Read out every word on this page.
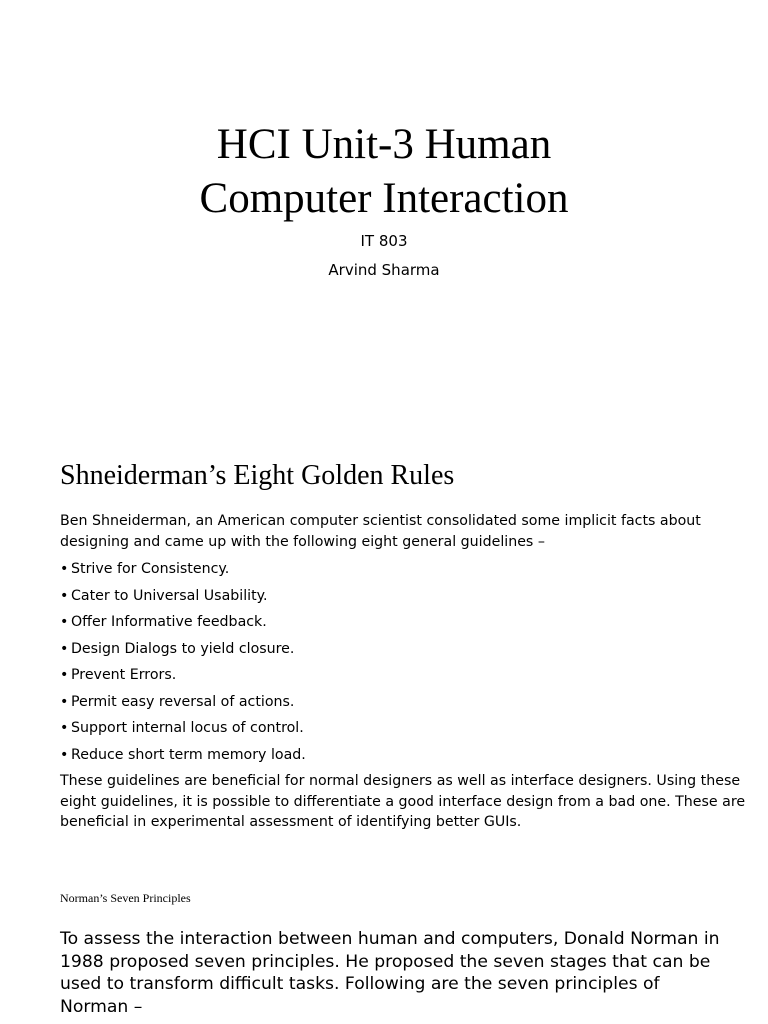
HCI Unit-3 Human
Computer Interaction
IT 803
Arvind Sharma
Shneiderman’s Eight Golden Rules
Ben Shneiderman, an American computer scientist consolidated some implicit facts about designing and came up with the following eight general guidelines –
• Strive for Consistency.
• Cater to Universal Usability.
• Offer Informative feedback.
• Design Dialogs to yield closure.
• Prevent Errors.
• Permit easy reversal of actions.
• Support internal locus of control.
• Reduce short term memory load.
These guidelines are beneficial for normal designers as well as interface designers. Using these eight guidelines, it is possible to differentiate a good interface design from a bad one. These are beneficial in experimental assessment of identifying better GUIs.
Norman’s Seven Principles
To assess the interaction between human and computers, Donald Norman in 1988 proposed seven principles. He proposed the seven stages that can be used to transform difficult tasks. Following are the seven principles of Norman –
